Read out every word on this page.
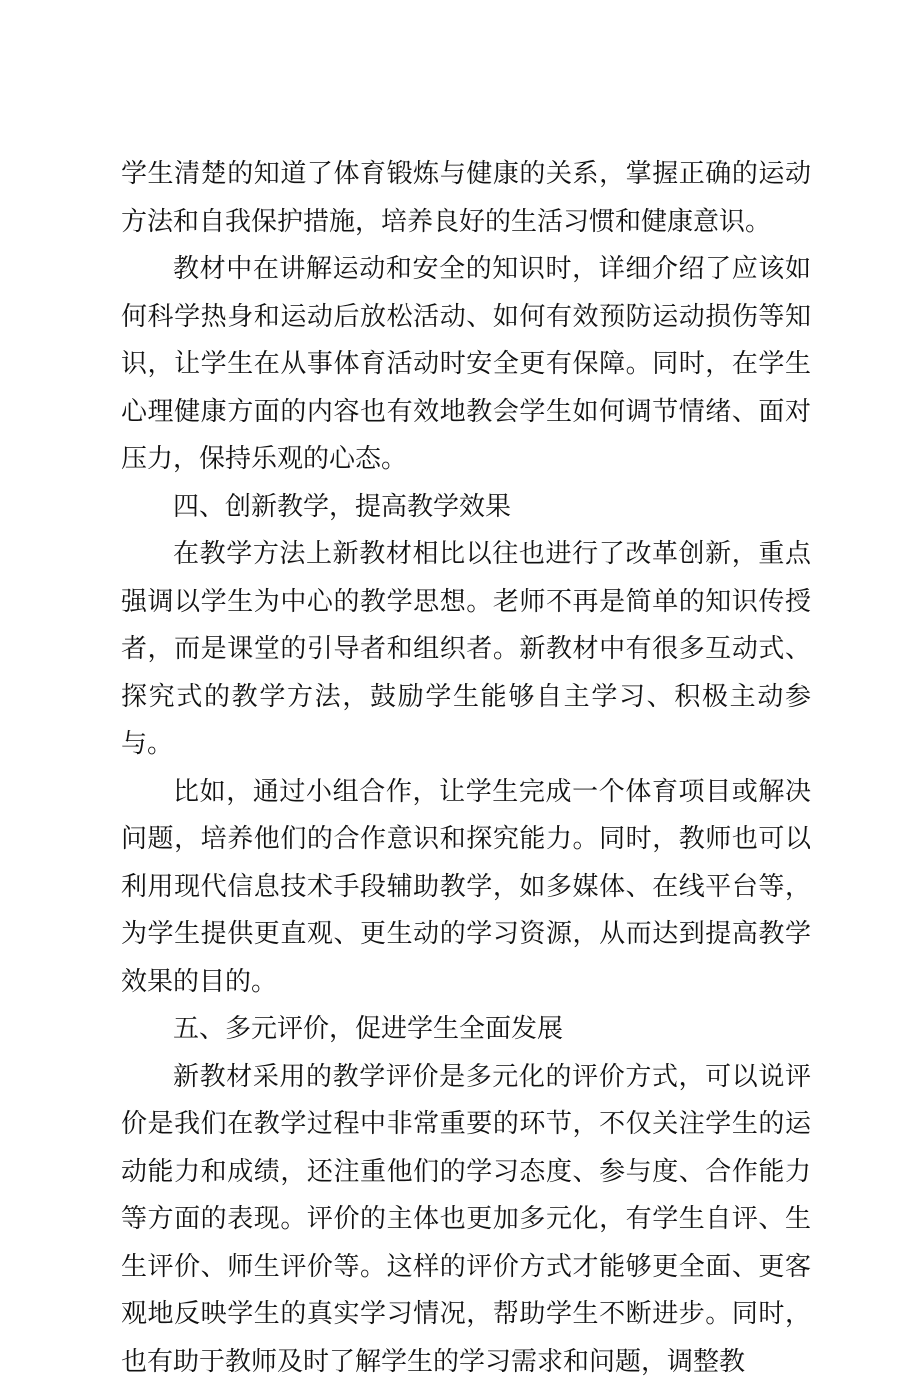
学生清楚的知道了体育锻炼与健康的关系，掌握正确的运动方法和自我保护措施，培养良好的生活习惯和健康意识。

教材中在讲解运动和安全的知识时，详细介绍了应该如何科学热身和运动后放松活动、如何有效预防运动损伤等知识，让学生在从事体育活动时安全更有保障。同时，在学生心理健康方面的内容也有效地教会学生如何调节情绪、面对压力，保持乐观的心态。

四、创新教学，提高教学效果

在教学方法上新教材相比以往也进行了改革创新，重点强调以学生为中心的教学思想。老师不再是简单的知识传授者，而是课堂的引导者和组织者。新教材中有很多互动式、探究式的教学方法，鼓励学生能够自主学习、积极主动参与。

比如，通过小组合作，让学生完成一个体育项目或解决问题，培养他们的合作意识和探究能力。同时，教师也可以利用现代信息技术手段辅助教学，如多媒体、在线平台等，为学生提供更直观、更生动的学习资源，从而达到提高教学效果的目的。

五、多元评价，促进学生全面发展

新教材采用的教学评价是多元化的评价方式，可以说评价是我们在教学过程中非常重要的环节，不仅关注学生的运动能力和成绩，还注重他们的学习态度、参与度、合作能力等方面的表现。评价的主体也更加多元化，有学生自评、生生评价、师生评价等。这样的评价方式才能够更全面、更客观地反映学生的真实学习情况，帮助学生不断进步。同时，也有助于教师及时了解学生的学习需求和问题，调整教
